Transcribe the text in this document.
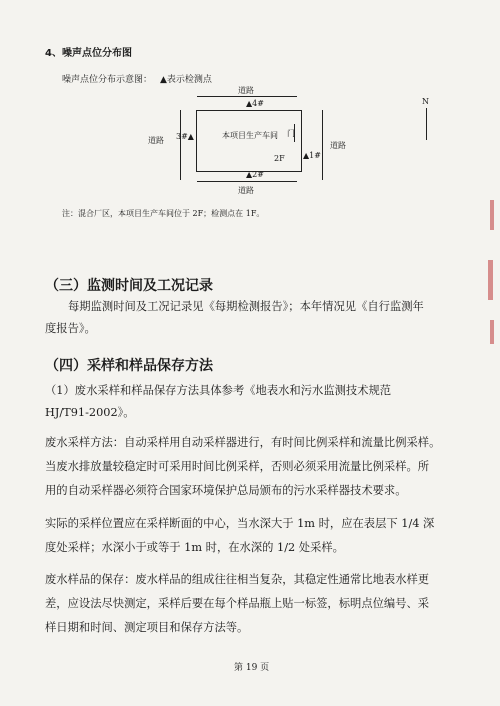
4、噪声点位分布图
噪声点位分布示意图： ▲表示检测点
道路
▲4#
道路 3#▲	本项目生产车间 门
2F ▲1#
道路
▲2#
道路
N
注：混合厂区，本项目生产车间位于 2F；检测点在 1F。
（三）监测时间及工况记录
每期监测时间及工况记录见《每期检测报告》；本年情况见《自行监测年
度报告》。
（四）采样和样品保存方法
（1）废水采样和样品保存方法具体参考《地表水和污水监测技术规范
HJ/T91-2002》。
废水采样方法：自动采样用自动采样器进行，有时间比例采样和流量比例采样。
当废水排放量较稳定时可采用时间比例采样，否则必须采用流量比例采样。所
用的自动采样器必须符合国家环境保护总局颁布的污水采样器技术要求。
实际的采样位置应在采样断面的中心，当水深大于 1m 时，应在表层下 1/4 深
度处采样；水深小于或等于 1m 时，在水深的 1/2 处采样。
废水样品的保存：废水样品的组成往往相当复杂，其稳定性通常比地表水样更
差，应设法尽快测定，采样后要在每个样品瓶上贴一标签，标明点位编号、采
样日期和时间、测定项目和保存方法等。
第 19 页
